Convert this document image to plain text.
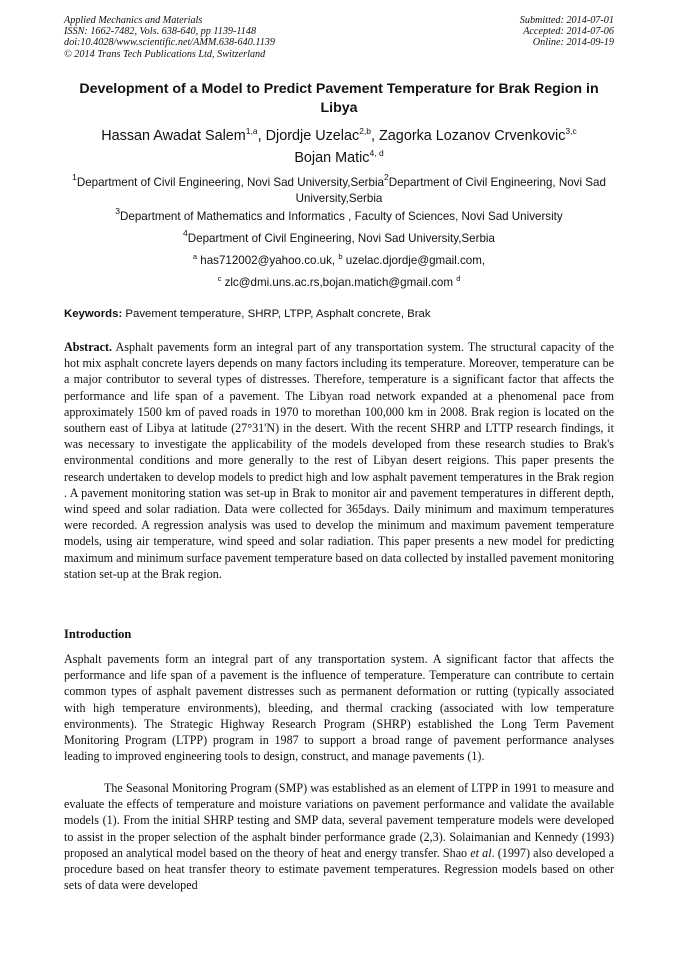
Applied Mechanics and Materials
ISSN: 1662-7482, Vols. 638-640, pp 1139-1148
doi:10.4028/www.scientific.net/AMM.638-640.1139
© 2014 Trans Tech Publications Ltd, Switzerland
Submitted: 2014-07-01
Accepted: 2014-07-06
Online: 2014-09-19
Development of a Model to Predict Pavement Temperature for Brak Region in Libya
Hassan Awadat Salem$^{1,a}$, Djordje Uzelac$^{2,b}$, Zagorka Lozanov Crvenkovic$^{3,c}$
Bojan Matic$^{4, d}$
$^1$Department of Civil Engineering, Novi Sad University,Serbia$^2$Department of Civil Engineering, Novi Sad University,Serbia
$^3$Department of Mathematics and Informatics , Faculty of Sciences, Novi Sad University
$^4$Department of Civil Engineering, Novi Sad University,Serbia
$^a$ has712002@yahoo.co.uk, $^b$ uzelac.djordje@gmail.com,
$^c$ zlc@dmi.uns.ac.rs,bojan.matich@gmail.com $^d$
Keywords: Pavement temperature, SHRP, LTPP, Asphalt concrete, Brak
Abstract. Asphalt pavements form an integral part of any transportation system. The structural capacity of the hot mix asphalt concrete layers depends on many factors including its temperature. Moreover, temperature can be a major contributor to several types of distresses. Therefore, temperature is a significant factor that affects the performance and life span of a pavement. The Libyan road network expanded at a phenomenal pace from approximately 1500 km of paved roads in 1970 to morethan 100,000 km in 2008. Brak region is located on the southern east of Libya at latitude (27°31'N) in the desert. With the recent SHRP and LTTP research findings, it was necessary to investigate the applicability of the models developed from these research studies to Brak's environmental conditions and more generally to the rest of Libyan desert reigions. This paper presents the research undertaken to develop models to predict high and low asphalt pavement temperatures in the Brak region . A pavement monitoring station was set-up in Brak to monitor air and pavement temperatures in different depth, wind speed and solar radiation. Data were collected for 365days. Daily minimum and maximum temperatures were recorded. A regression analysis was used to develop the minimum and maximum pavement temperature models, using air temperature, wind speed and solar radiation. This paper presents a new model for predicting maximum and minimum surface pavement temperature based on data collected by installed pavement monitoring station set-up at the Brak region.
Introduction
Asphalt pavements form an integral part of any transportation system. A significant factor that affects the performance and life span of a pavement is the influence of temperature. Temperature can contribute to certain common types of asphalt pavement distresses such as permanent deformation or rutting (typically associated with high temperature environments), bleeding, and thermal cracking (associated with low temperature environments). The Strategic Highway Research Program (SHRP) established the Long Term Pavement Monitoring Program (LTPP) program in 1987 to support a broad range of pavement performance analyses leading to improved engineering tools to design, construct, and manage pavements (1).
The Seasonal Monitoring Program (SMP) was established as an element of LTPP in 1991 to measure and evaluate the effects of temperature and moisture variations on pavement performance and validate the available models (1). From the initial SHRP testing and SMP data, several pavement temperature models were developed to assist in the proper selection of the asphalt binder performance grade (2,3). Solaimanian and Kennedy (1993) proposed an analytical model based on the theory of heat and energy transfer. Shao et al. (1997) also developed a procedure based on heat transfer theory to estimate pavement temperatures. Regression models based on other sets of data were developed
